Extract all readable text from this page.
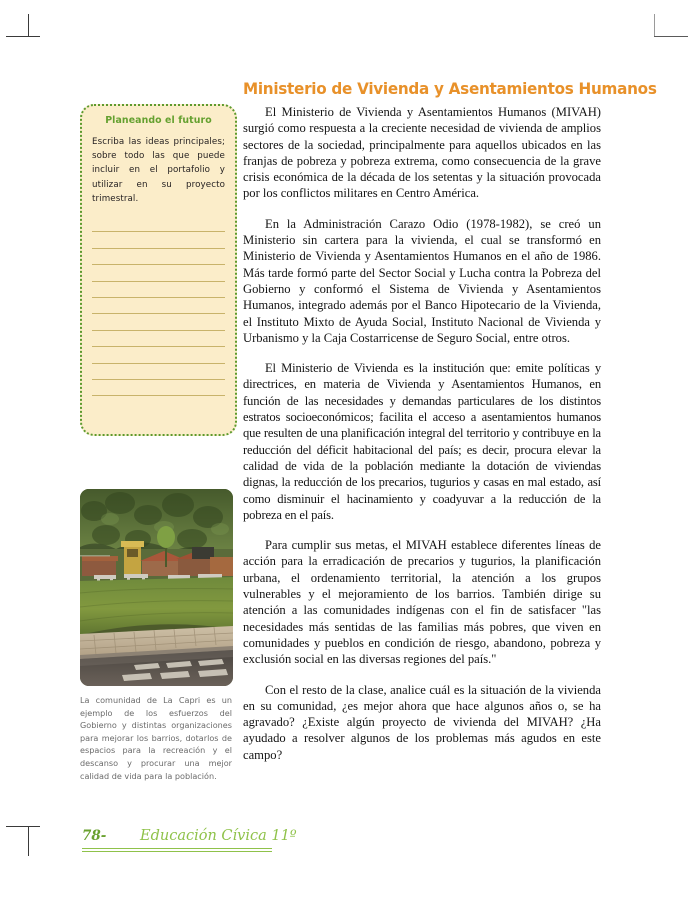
Ministerio de Vivienda y Asentamientos Humanos
Planeando el futuro
Escriba las ideas principales; sobre todo las que puede incluir en el portafolio y utilizar en su proyecto trimestral.
La comunidad de La Capri es un ejemplo de los esfuerzos del Gobierno y distintas organizaciones para mejorar los barrios, dotarlos de espacios para la recreación y el descanso y procurar una mejor calidad de vida para la población.

El Ministerio de Vivienda y Asentamientos Humanos (MIVAH) surgió como respuesta a la creciente necesidad de vivienda de amplios sectores de la sociedad, principalmente para aquellos ubicados en las franjas de pobreza y pobreza extrema, como consecuencia de la grave crisis económica de la década de los setentas y la situación provocada por los conflictos militares en Centro América.

En la Administración Carazo Odio (1978-1982), se creó un Ministerio sin cartera para la vivienda, el cual se transformó en Ministerio de Vivienda y Asentamientos Humanos en el año de 1986. Más tarde formó parte del Sector Social y Lucha contra la Pobreza del Gobierno y conformó el Sistema de Vivienda y Asentamientos Humanos, integrado además por el Banco Hipotecario de la Vivienda, el Instituto Mixto de Ayuda Social, Instituto Nacional de Vivienda y Urbanismo y la Caja Costarricense de Seguro Social, entre otros.

El Ministerio de Vivienda es la institución que: emite políticas y directrices, en materia de Vivienda y Asentamientos Humanos, en función de las necesidades y demandas particulares de los distintos estratos socioeconómicos; facilita el acceso a asentamientos humanos que resulten de una planificación integral del territorio y contribuye en la reducción del déficit habitacional del país; es decir, procura elevar la calidad de vida de la población mediante la dotación de viviendas dignas, la reducción de los precarios, tugurios y casas en mal estado, así como disminuir el hacinamiento y coadyuvar a la reducción de la pobreza en el país.

Para cumplir sus metas, el MIVAH establece diferentes líneas de acción para la erradicación de precarios y tugurios, la planificación urbana, el ordenamiento territorial, la atención a los grupos vulnerables y el mejoramiento de los barrios. También dirige su atención a las comunidades indígenas con el fin de satisfacer "las necesidades más sentidas de las familias más pobres, que viven en comunidades y pueblos en condición de riesgo, abandono, pobreza y exclusión social en las diversas regiones del país."

Con el resto de la clase, analice cuál es la situación de la vivienda en su comunidad, ¿es mejor ahora que hace algunos años o, se ha agravado? ¿Existe algún proyecto de vivienda del MIVAH? ¿Ha ayudado a resolver algunos de los problemas más agudos en este campo?

78- Educación Cívica 11º
